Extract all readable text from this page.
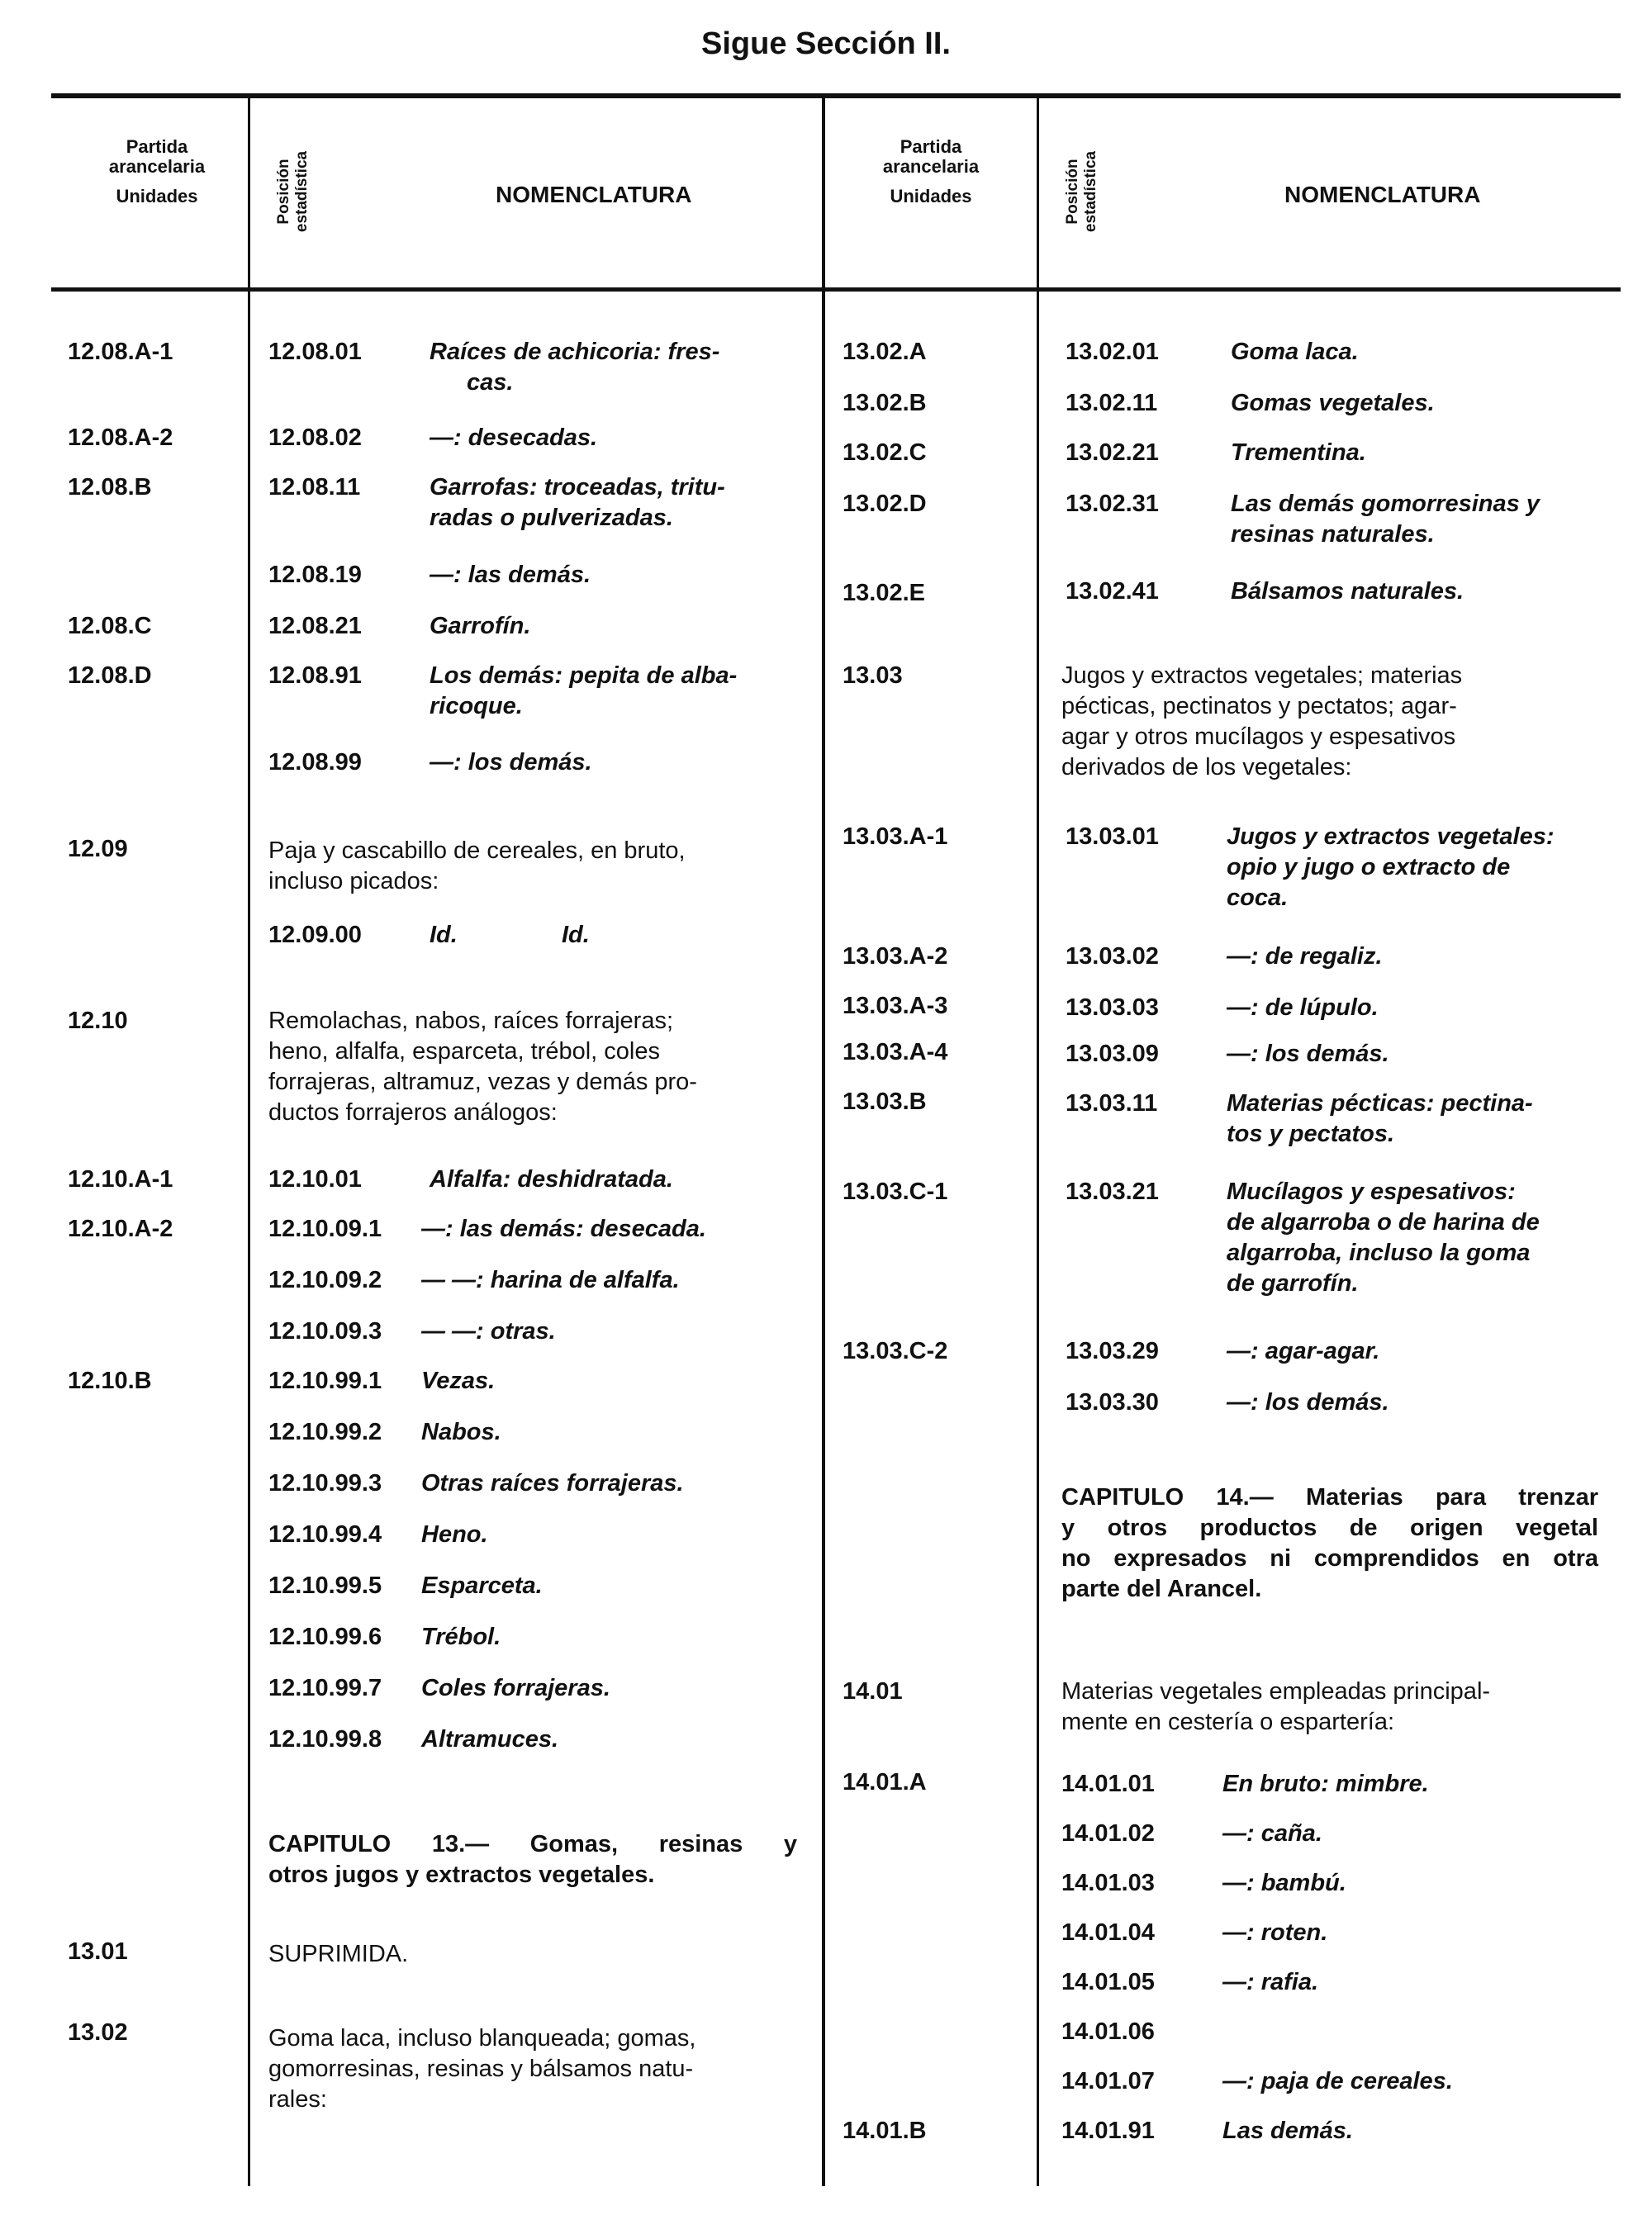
Sigue Sección II.
Partida
arancelaria
Unidades	Posición estadística	NOMENCLATURA
Partida
arancelaria
Unidades	Posición estadística	NOMENCLATURA
12.08.A-1	12.08.01	Raíces de achicoria: fres-
cas.
12.08.A-2	12.08.02	—: desecadas.
12.08.B	12.08.11	Garrofas: troceadas, tritu-
radas o pulverizadas.
12.08.19	—: las demás.
12.08.C	12.08.21	Garrofín.
12.08.D	12.08.91	Los demás: pepita de alba-
ricoque.
12.08.99	—: los demás.
12.09	Paja y cascabillo de cereales, en bruto,
incluso picados:
12.09.00	Id.	Id.
12.10	Remolachas, nabos, raíces forrajeras;
heno, alfalfa, esparceta, trébol, coles
forrajeras, altramuz, vezas y demás pro-
ductos forrajeros análogos:
12.10.A-1	12.10.01	Alfalfa: deshidratada.
12.10.A-2	12.10.09.1 —: las demás: desecada.
12.10.09.2 — —: harina de alfalfa.
12.10.09.3 — —: otras.
12.10.B	12.10.99.1 Vezas.
12.10.99.2 Nabos.
12.10.99.3 Otras raíces forrajeras.
12.10.99.4 Heno.
12.10.99.5 Esparceta.
12.10.99.6 Trébol.
12.10.99.7 Coles forrajeras.
12.10.99.8 Altramuces.
CAPITULO 13.— Gomas, resinas y
otros jugos y extractos vegetales.
13.01	SUPRIMIDA.
13.02	Goma laca, incluso blanqueada; gomas,
gomorresinas, resinas y bálsamos natu-
rales:
13.02.A	13.02.01	Goma laca.
13.02.B	13.02.11	Gomas vegetales.
13.02.C	13.02.21	Trementina.
13.02.D	13.02.31	Las demás gomorresinas y
resinas naturales.
13.02.E	13.02.41	Bálsamos naturales.
13.03	Jugos y extractos vegetales; materias
pécticas, pectinatos y pectatos; agar-
agar y otros mucílagos y espesativos
derivados de los vegetales:
13.03.A-1	13.03.01	Jugos y extractos vegetales:
opio y jugo o extracto de
coca.
13.03.A-2	13.03.02	—: de regaliz.
13.03.A-3	13.03.03	—: de lúpulo.
13.03.A-4	13.03.09	—: los demás.
13.03.B	13.03.11	Materias pécticas: pectina-
tos y pectatos.
13.03.C-1	13.03.21	Mucílagos y espesativos:
de algarroba o de harina de
algarroba, incluso la goma
de garrofín.
13.03.C-2	13.03.29	—: agar-agar.
13.03.30	—: los demás.
CAPITULO 14.— Materias para trenzar
y otros productos de origen vegetal
no expresados ni comprendidos en otra
parte del Arancel.
14.01	Materias vegetales empleadas principal-
mente en cestería o espartería:
14.01.A	14.01.01	En bruto: mimbre.
14.01.02	—: caña.
14.01.03	—: bambú.
14.01.04	—: roten.
14.01.05	—: rafia.
14.01.06
14.01.07	—: paja de cereales.
14.01.B	14.01.91	Las demás.
